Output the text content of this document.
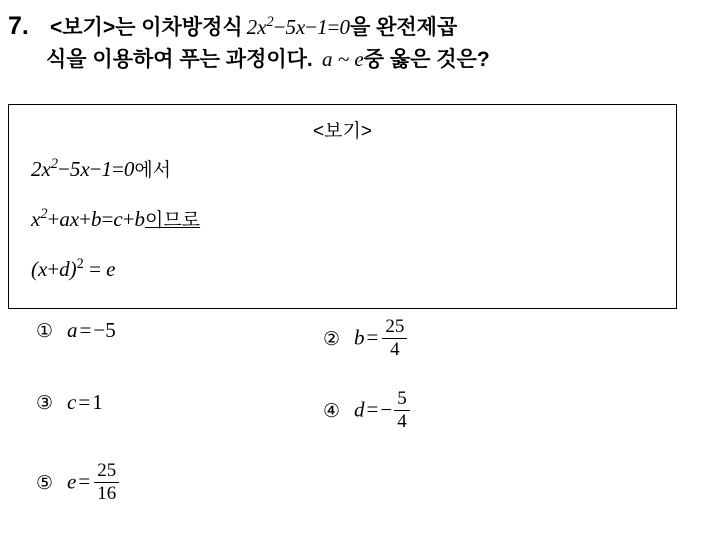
7. <보기>는 이차방정식 $2x^2-5x-1=0$을 완전제곱
식을 이용하여 푸는 과정이다. a ~ e중 옳은 것은?
<보기>
$2x^2-5x-1=0$에서
$x^2+ax+b=c+b$이므로
$(x+d)^2 = e$
① a=−5	② $b= \frac{25}{4}$
③ c=1	④ $d=- \frac{5}{4}$
⑤ $e= \frac{25}{16}$
